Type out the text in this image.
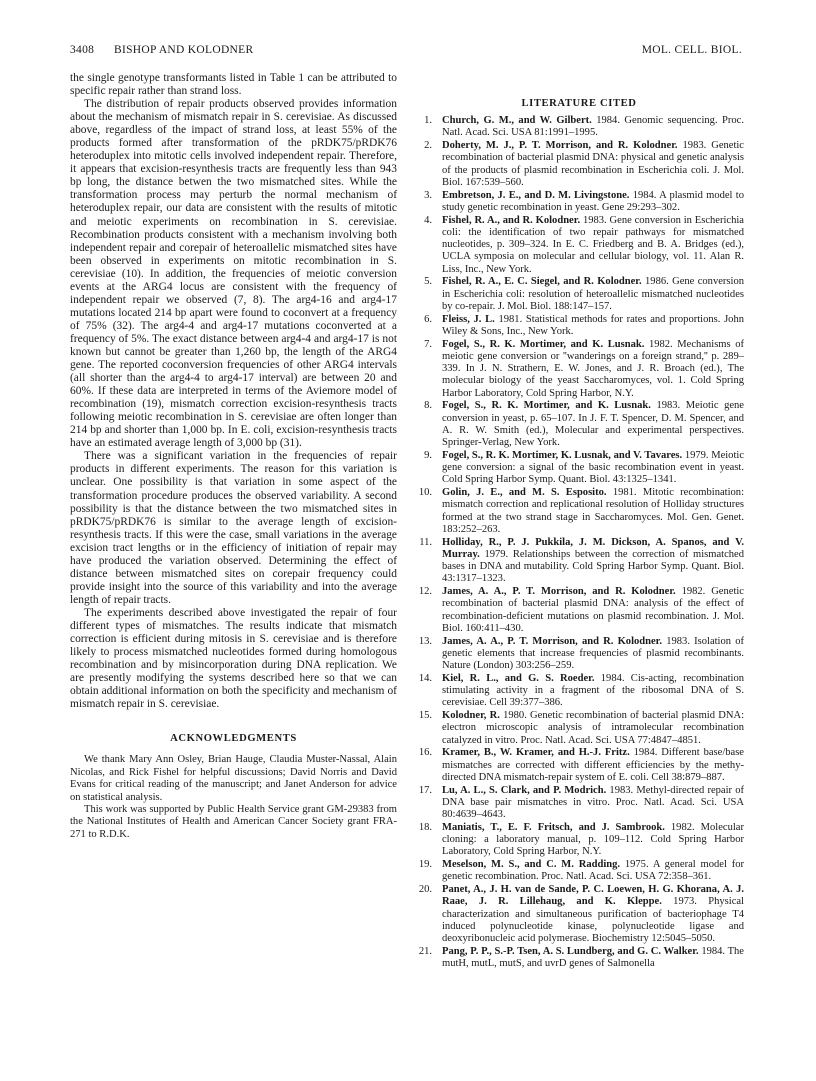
3408 BISHOP AND KOLODNER	MOL. CELL. BIOL.

the single genotype transformants listed in Table 1 can be attributed to specific repair rather than strand loss.

The distribution of repair products observed provides information about the mechanism of mismatch repair in S. cerevisiae. As discussed above, regardless of the impact of strand loss, at least 55% of the products formed after transformation of the pRDK75/pRDK76 heteroduplex into mitotic cells involved independent repair. Therefore, it appears that excision-resynthesis tracts are frequently less than 943 bp long, the distance betwen the two mismatched sites. While the transformation process may perturb the normal mechanism of heteroduplex repair, our data are consistent with the results of mitotic and meiotic experiments on recombination in S. cerevisiae. Recombination products consistent with a mechanism involving both independent repair and corepair of heteroallelic mismatched sites have been observed in experiments on mitotic recombination in S. cerevisiae (10). In addition, the frequencies of meiotic conversion events at the ARG4 locus are consistent with the frequency of independent repair we observed (7, 8). The arg4-16 and arg4-17 mutations located 214 bp apart were found to coconvert at a frequency of 75% (32). The arg4-4 and arg4-17 mutations coconverted at a frequency of 5%. The exact distance between arg4-4 and arg4-17 is not known but cannot be greater than 1,260 bp, the length of the ARG4 gene. The reported coconversion frequencies of other ARG4 intervals (all shorter than the arg4-4 to arg4-17 interval) are between 20 and 60%. If these data are interpreted in terms of the Aviemore model of recombination (19), mismatch correction excision-resynthesis tracts following meiotic recombination in S. cerevisiae are often longer than 214 bp and shorter than 1,000 bp. In E. coli, excision-resynthesis tracts have an estimated average length of 3,000 bp (31).

There was a significant variation in the frequencies of repair products in different experiments. The reason for this variation is unclear. One possibility is that variation in some aspect of the transformation procedure produces the observed variability. A second possibility is that the distance between the two mismatched sites in pRDK75/pRDK76 is similar to the average length of excision-resynthesis tracts. If this were the case, small variations in the average excision tract lengths or in the efficiency of initiation of repair may have produced the variation observed. Determining the effect of distance between mismatched sites on corepair frequency could provide insight into the source of this variability and into the average length of repair tracts.

The experiments described above investigated the repair of four different types of mismatches. The results indicate that mismatch correction is efficient during mitosis in S. cerevisiae and is therefore likely to process mismatched nucleotides formed during homologous recombination and by misincorporation during DNA replication. We are presently modifying the systems described here so that we can obtain additional information on both the specificity and mechanism of mismatch repair in S. cerevisiae.

ACKNOWLEDGMENTS

We thank Mary Ann Osley, Brian Hauge, Claudia Muster-Nassal, Alain Nicolas, and Rick Fishel for helpful discussions; David Norris and David Evans for critical reading of the manuscript; and Janet Anderson for advice on statistical analysis.

This work was supported by Public Health Service grant GM-29383 from the National Institutes of Health and American Cancer Society grant FRA-271 to R.D.K.

LITERATURE CITED
1. Church, G. M., and W. Gilbert. 1984. Genomic sequencing. Proc. Natl. Acad. Sci. USA 81:1991–1995.
2. Doherty, M. J., P. T. Morrison, and R. Kolodner. 1983. Genetic recombination of bacterial plasmid DNA: physical and genetic analysis of the products of plasmid recombination in Escherichia coli. J. Mol. Biol. 167:539–560.
3. Embretson, J. E., and D. M. Livingstone. 1984. A plasmid model to study genetic recombination in yeast. Gene 29:293–302.
4. Fishel, R. A., and R. Kolodner. 1983. Gene conversion in Escherichia coli: the identification of two repair pathways for mismatched nucleotides, p. 309–324. In E. C. Friedberg and B. A. Bridges (ed.), UCLA symposia on molecular and cellular biology, vol. 11. Alan R. Liss, Inc., New York.
5. Fishel, R. A., E. C. Siegel, and R. Kolodner. 1986. Gene conversion in Escherichia coli: resolution of heteroallelic mismatched nucleotides by co-repair. J. Mol. Biol. 188:147–157.
6. Fleiss, J. L. 1981. Statistical methods for rates and proportions. John Wiley & Sons, Inc., New York.
7. Fogel, S., R. K. Mortimer, and K. Lusnak. 1982. Mechanisms of meiotic gene conversion or ''wanderings on a foreign strand,'' p. 289–339. In J. N. Strathern, E. W. Jones, and J. R. Broach (ed.), The molecular biology of the yeast Saccharomyces, vol. 1. Cold Spring Harbor Laboratory, Cold Spring Harbor, N.Y.
8. Fogel, S., R. K. Mortimer, and K. Lusnak. 1983. Meiotic gene conversion in yeast, p. 65–107. In J. F. T. Spencer, D. M. Spencer, and A. R. W. Smith (ed.), Molecular and experimental perspectives. Springer-Verlag, New York.
9. Fogel, S., R. K. Mortimer, K. Lusnak, and V. Tavares. 1979. Meiotic gene conversion: a signal of the basic recombination event in yeast. Cold Spring Harbor Symp. Quant. Biol. 43:1325–1341.
10. Golin, J. E., and M. S. Esposito. 1981. Mitotic recombination: mismatch correction and replicational resolution of Holliday structures formed at the two strand stage in Saccharomyces. Mol. Gen. Genet. 183:252–263.
11. Holliday, R., P. J. Pukkila, J. M. Dickson, A. Spanos, and V. Murray. 1979. Relationships between the correction of mismatched bases in DNA and mutability. Cold Spring Harbor Symp. Quant. Biol. 43:1317–1323.
12. James, A. A., P. T. Morrison, and R. Kolodner. 1982. Genetic recombination of bacterial plasmid DNA: analysis of the effect of recombination-deficient mutations on plasmid recombination. J. Mol. Biol. 160:411–430.
13. James, A. A., P. T. Morrison, and R. Kolodner. 1983. Isolation of genetic elements that increase frequencies of plasmid recombinants. Nature (London) 303:256–259.
14. Kiel, R. L., and G. S. Roeder. 1984. Cis-acting, recombination stimulating activity in a fragment of the ribosomal DNA of S. cerevisiae. Cell 39:377–386.
15. Kolodner, R. 1980. Genetic recombination of bacterial plasmid DNA: electron microscopic analysis of intramolecular recombination catalyzed in vitro. Proc. Natl. Acad. Sci. USA 77:4847–4851.
16. Kramer, B., W. Kramer, and H.-J. Fritz. 1984. Different base/base mismatches are corrected with different efficiencies by the methy-directed DNA mismatch-repair system of E. coli. Cell 38:879–887.
17. Lu, A. L., S. Clark, and P. Modrich. 1983. Methyl-directed repair of DNA base pair mismatches in vitro. Proc. Natl. Acad. Sci. USA 80:4639–4643.
18. Maniatis, T., E. F. Fritsch, and J. Sambrook. 1982. Molecular cloning: a laboratory manual, p. 109–112. Cold Spring Harbor Laboratory, Cold Spring Harbor, N.Y.
19. Meselson, M. S., and C. M. Radding. 1975. A general model for genetic recombination. Proc. Natl. Acad. Sci. USA 72:358–361.
20. Panet, A., J. H. van de Sande, P. C. Loewen, H. G. Khorana, A. J. Raae, J. R. Lillehaug, and K. Kleppe. 1973. Physical characterization and simultaneous purification of bacteriophage T4 induced polynucleotide kinase, polynucleotide ligase and deoxyribonucleic acid polymerase. Biochemistry 12:5045–5050.
21. Pang, P. P., S.-P. Tsen, A. S. Lundberg, and G. C. Walker. 1984. The mutH, mutL, mutS, and uvrD genes of Salmonella
